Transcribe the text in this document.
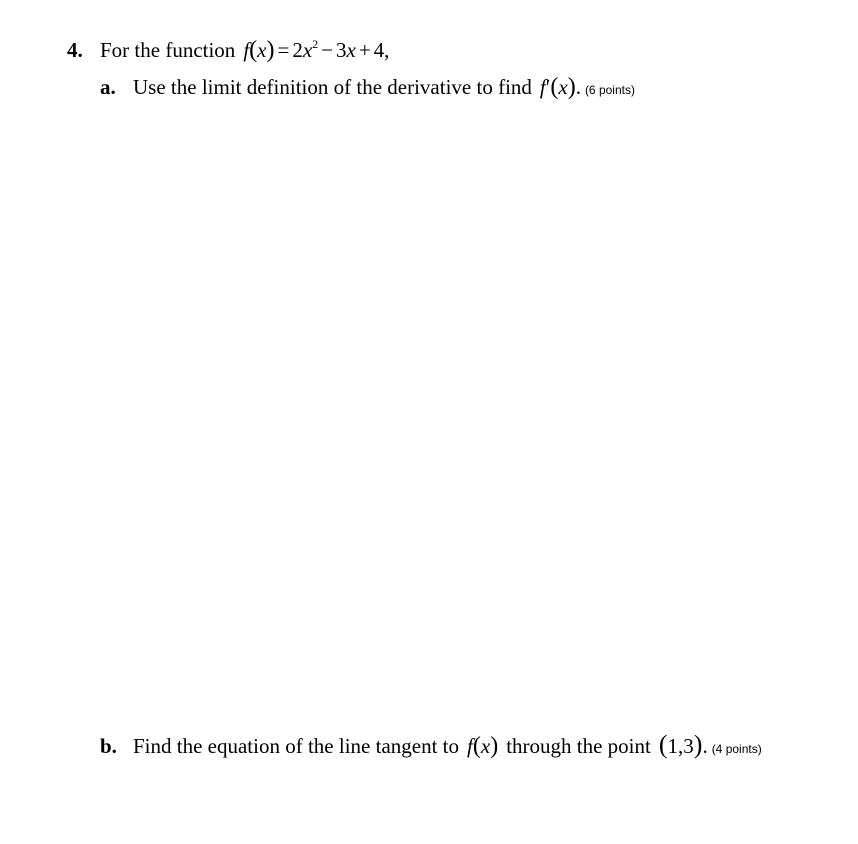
4. For the function $f(x) = 2x^2 - 3x + 4$,
a. Use the limit definition of the derivative to find f′(x). (6 points)
b. Find the equation of the line tangent to f(x) through the point (1,3). (4 points)
